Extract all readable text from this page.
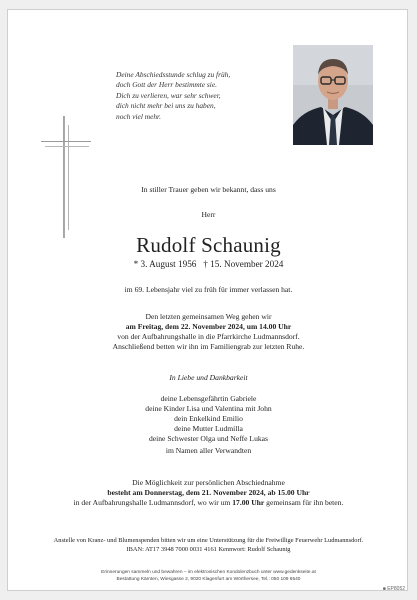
Deine Abschiedsstunde schlug zu früh,
doch Gott der Herr bestimmte sie.
Dich zu verlieren, war sehr schwer,
dich nicht mehr bei uns zu haben,
noch viel mehr.
In stiller Trauer geben wir bekannt, dass uns
Herr
Rudolf Schaunig
* 3. August 1956   † 15. November 2024
im 69. Lebensjahr viel zu früh für immer verlassen hat.
Den letzten gemeinsamen Weg gehen wir
am Freitag, dem 22. November 2024, um 14.00 Uhr
von der Aufbahrungshalle in die Pfarrkirche Ludmannsdorf.
Anschließend betten wir ihn im Familiengrab zur letzten Ruhe.
In Liebe und Dankbarkeit
deine Lebensgefährtin Gabriele
deine Kinder Lisa und Valentina mit John
dein Enkelkind Emilio
deine Mutter Ludmilla
deine Schwester Olga und Neffe Lukas
im Namen aller Verwandten
Die Möglichkeit zur persönlichen Abschiednahme
besteht am Donnerstag, dem 21. November 2024, ab 15.00 Uhr
in der Aufbahrungshalle Ludmannsdorf, wo wir um 17.00 Uhr gemeinsam für ihn beten.
Anstelle von Kranz- und Blumenspenden bitten wir um eine Unterstützung für die Freiwillige Feuerwehr Ludmannsdorf.
IBAN: AT17 3948 7000 0031 4161 Kennwort: Rudolf Schaunig
Erinnerungen sammeln und bewahren – im elektronischen Kondolenzbuch unter www.gedenkseite.at
Bestattung Kärnten, Wiesgasse 2, 9020 Klagenfurt am Wörthersee, Tel.: 050 109 6540
■ EP8052
